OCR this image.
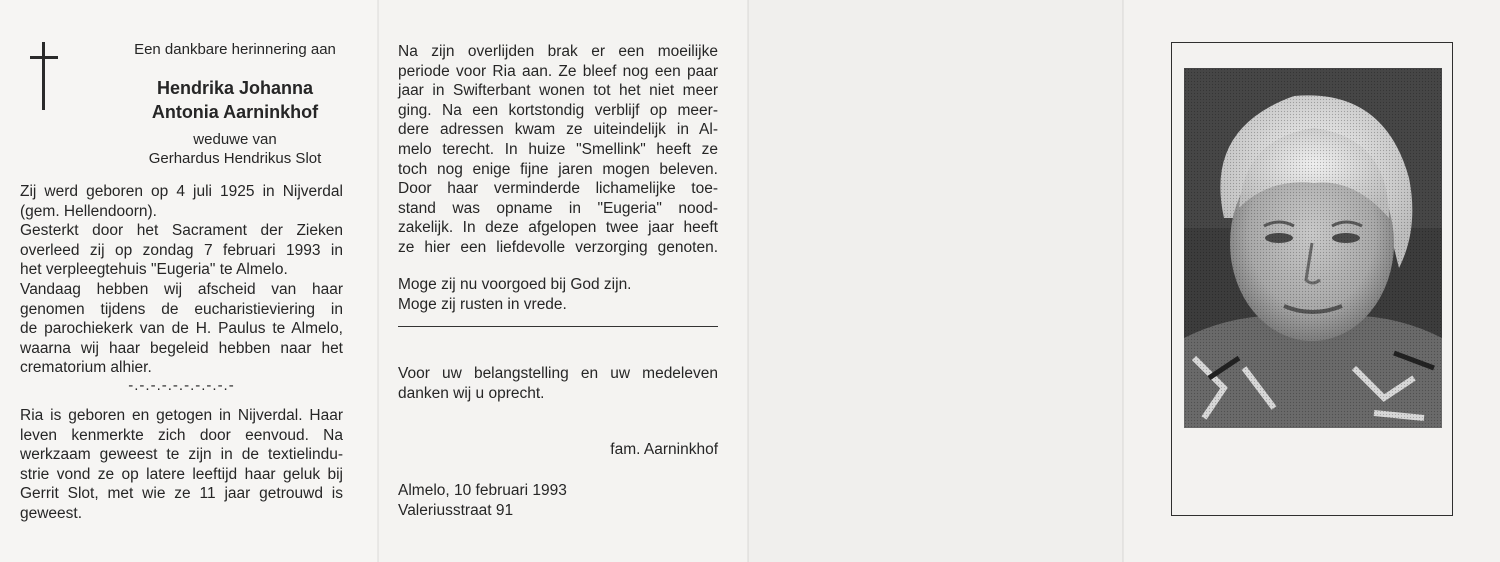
Een dankbare herinnering aan
Hendrika Johanna
Antonia Aarninkhof
weduwe van
Gerhardus Hendrikus Slot
Zij werd geboren op 4 juli 1925 in Nijverdal
(gem. Hellendoorn).
Gesterkt door het Sacrament der Zieken
overleed zij op zondag 7 februari 1993 in
het verpleegtehuis "Eugeria" te Almelo.
Vandaag hebben wij afscheid van haar
genomen tijdens de eucharistieviering in
de parochiekerk van de H. Paulus te Almelo,
waarna wij haar begeleid hebben naar het
crematorium alhier.
-.-.-.-.-.-.-.-.-.-
Ria is geboren en getogen in Nijverdal. Haar
leven kenmerkte zich door eenvoud. Na
werkzaam geweest te zijn in de textielindu-
strie vond ze op latere leeftijd haar geluk bij
Gerrit Slot, met wie ze 11 jaar getrouwd is
geweest.
Na zijn overlijden brak er een moeilijke
periode voor Ria aan. Ze bleef nog een paar
jaar in Swifterbant wonen tot het niet meer
ging. Na een kortstondig verblijf op meer-
dere adressen kwam ze uiteindelijk in Al-
melo terecht. In huize "Smellink" heeft ze
toch nog enige fijne jaren mogen beleven.
Door haar verminderde lichamelijke toe-
stand was opname in "Eugeria" nood-
zakelijk. In deze afgelopen twee jaar heeft
ze hier een liefdevolle verzorging genoten.
Moge zij nu voorgoed bij God zijn.
Moge zij rusten in vrede.
Voor uw belangstelling en uw medeleven
danken wij u oprecht.
fam. Aarninkhof
Almelo, 10 februari 1993
Valeriusstraat 91
